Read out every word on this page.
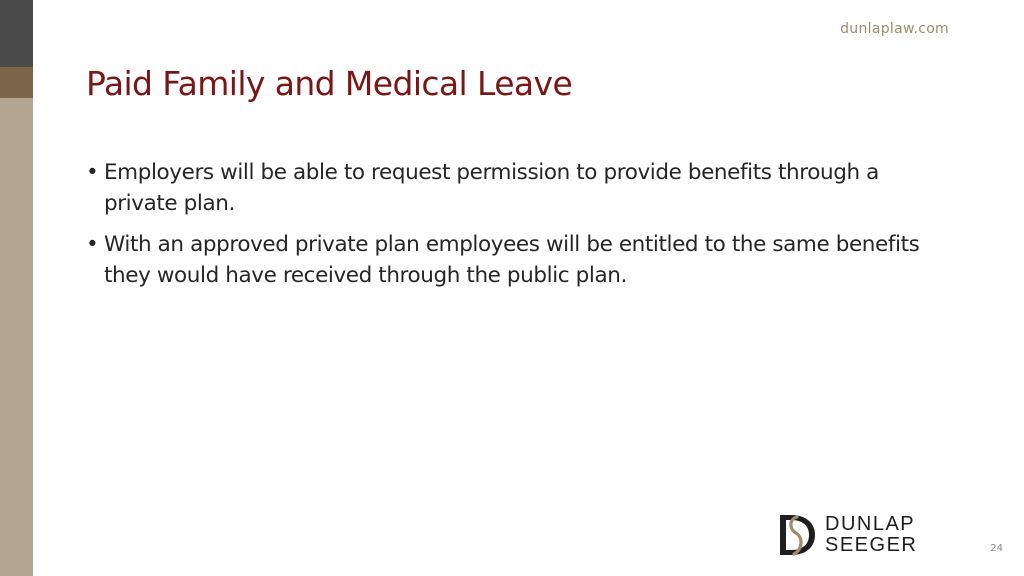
dunlaplaw.com
Paid Family and Medical Leave
• Employers will be able to request permission to provide benefits through a private plan.
• With an approved private plan employees will be entitled to the same benefits they would have received through the public plan.
DUNLAP
SEEGER	24
